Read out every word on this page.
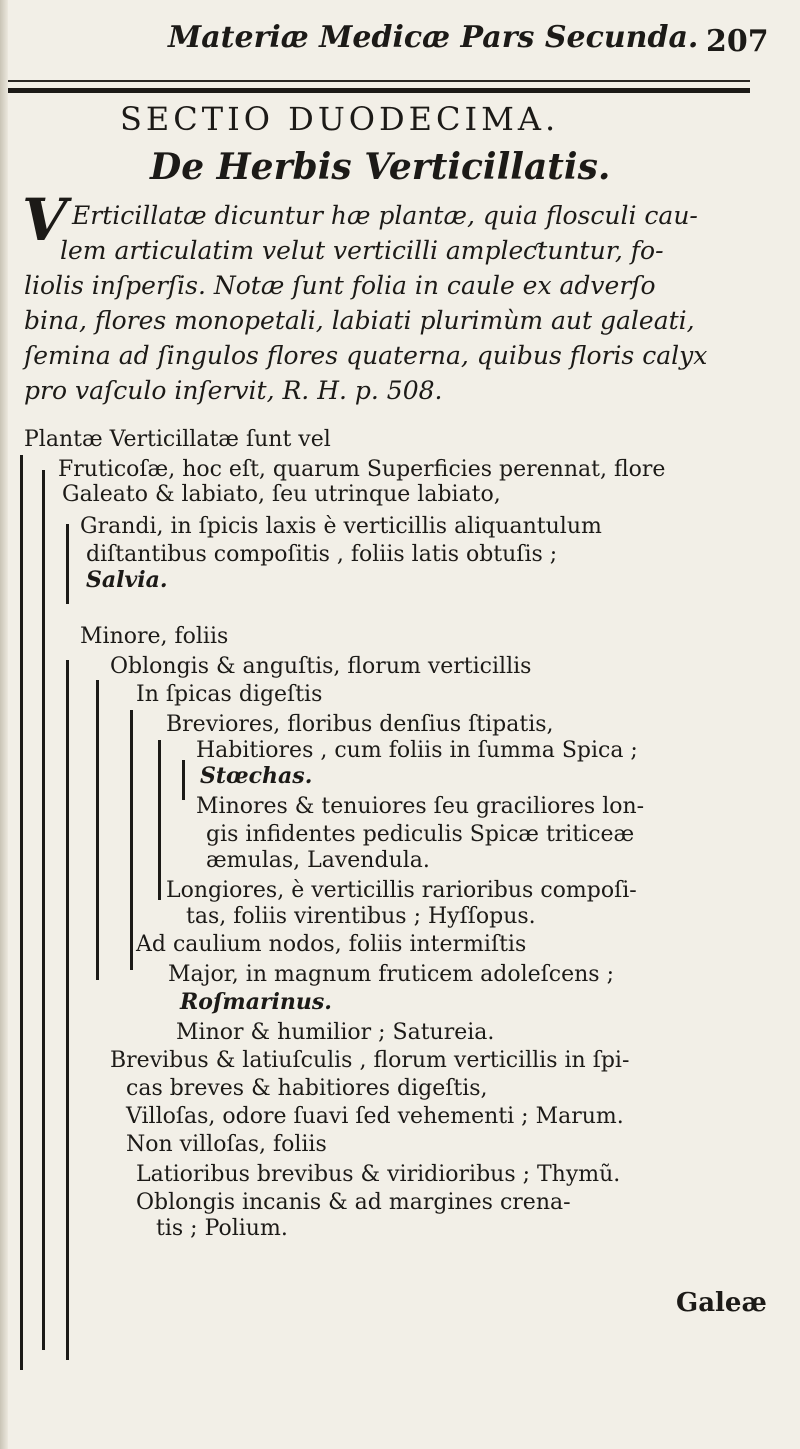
Materiæ Medicæ Pars Secunda. 207
SECTIO DUODECIMA.
De Herbis Verticillatis.
V Erticillatæ dicuntur hæ plantæ, quia flosculi cau-
lem articulatim velut verticilli ampleƈtuntur, fo-
liolis inſperſis. Notæ ſunt folia in caule ex adverſo
bina, flores monopetali, labiati plurimùm aut galeati,
ſemina ad ſingulos flores quaterna, quibus floris calyx
pro vaſculo inſervit, R. H. p. 508.
Plantæ Verticillatæ ſunt vel
Fruticoſæ, hoc eſt, quarum Superficies perennat, flore
Galeato & labiato, ſeu utrinque labiato,
Grandi, in ſpicis laxis è verticillis aliquantulum
diſtantibus compoſitis , foliis latis obtuſis ;
Salvia.
Minore, foliis
Oblongis & anguſtis, florum verticillis
In ſpicas digeſtis
Breviores, floribus denſius ſtipatis,
Habitiores , cum foliis in ſumma Spica ;
Stœchas.
Minores & tenuiores ſeu graciliores lon-
gis infidentes pediculis Spicæ triticeæ
æmulas, Lavendula.
Longiores, è verticillis rarioribus compoſi-
tas, foliis virentibus ; Hyſſopus.
Ad caulium nodos, foliis intermiſtis
Major, in magnum fruticem adoleſcens ;
Roſmarinus.
Minor & humilior ; Satureia.
Brevibus & latiuſculis , florum verticillis in ſpi-
cas breves & habitiores digeſtis,
Villoſas, odore ſuavi ſed vehementi ; Marum.
Non villoſas, foliis
Latioribus brevibus & viridioribus ; Thymũ.
Oblongis incanis & ad margines crena-
tis ; Polium.
Galeæ
